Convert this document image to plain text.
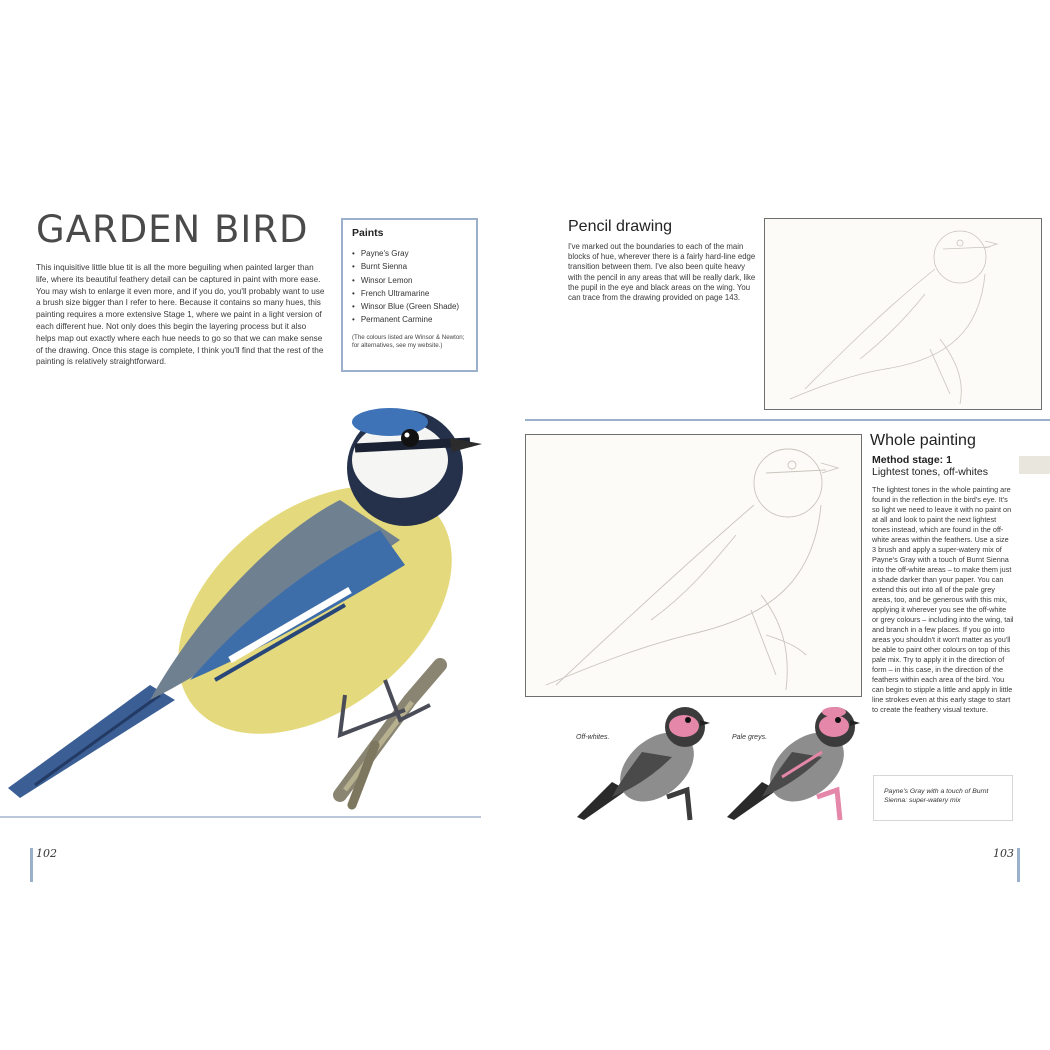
GARDEN BIRD

This inquisitive little blue tit is all the more beguiling when painted larger than life, where its beautiful feathery detail can be captured in paint with more ease. You may wish to enlarge it even more, and if you do, you'll probably want to use a brush size bigger than I refer to here. Because it contains so many hues, this painting requires a more extensive Stage 1, where we paint in a light version of each different hue. Not only does this begin the layering process but it also helps map out exactly where each hue needs to go so that we can make sense of the drawing. Once this stage is complete, I think you'll find that the rest of the painting is relatively straightforward.

Paints
• Payne's Gray
• Burnt Sienna
• Winsor Lemon
• French Ultramarine
• Winsor Blue (Green Shade)
• Permanent Carmine
(The colours listed are Winsor & Newton; for alternatives, see my website.)
102
Pencil drawing

I've marked out the boundaries to each of the main blocks of hue, wherever there is a fairly hard-line edge transition between them. I've also been quite heavy with the pencil in any areas that will be really dark, like the pupil in the eye and black areas on the wing. You can trace from the drawing provided on page 143.

Whole painting
Method stage: 1
Lightest tones, off-whites

The lightest tones in the whole painting are found in the reflection in the bird's eye. It's so light we need to leave it with no paint on at all and look to paint the next lightest tones instead, which are found in the off-white areas within the feathers. Use a size 3 brush and apply a super-watery mix of Payne's Gray with a touch of Burnt Sienna into the off-white areas – to make them just a shade darker than your paper. You can extend this out into all of the pale grey areas, too, and be generous with this mix, applying it wherever you see the off-white or grey colours – including into the wing, tail and branch in a few places. If you go into areas you shouldn't it won't matter as you'll be able to paint other colours on top of this pale mix. Try to apply it in the direction of form – in this case, in the direction of the feathers within each area of the bird. You can begin to stipple a little and apply in little line strokes even at this early stage to start to create the feathery visual texture.

Off-whites.	Pale greys.
Payne's Gray with a touch of Burnt Sienna: super-watery mix
103
